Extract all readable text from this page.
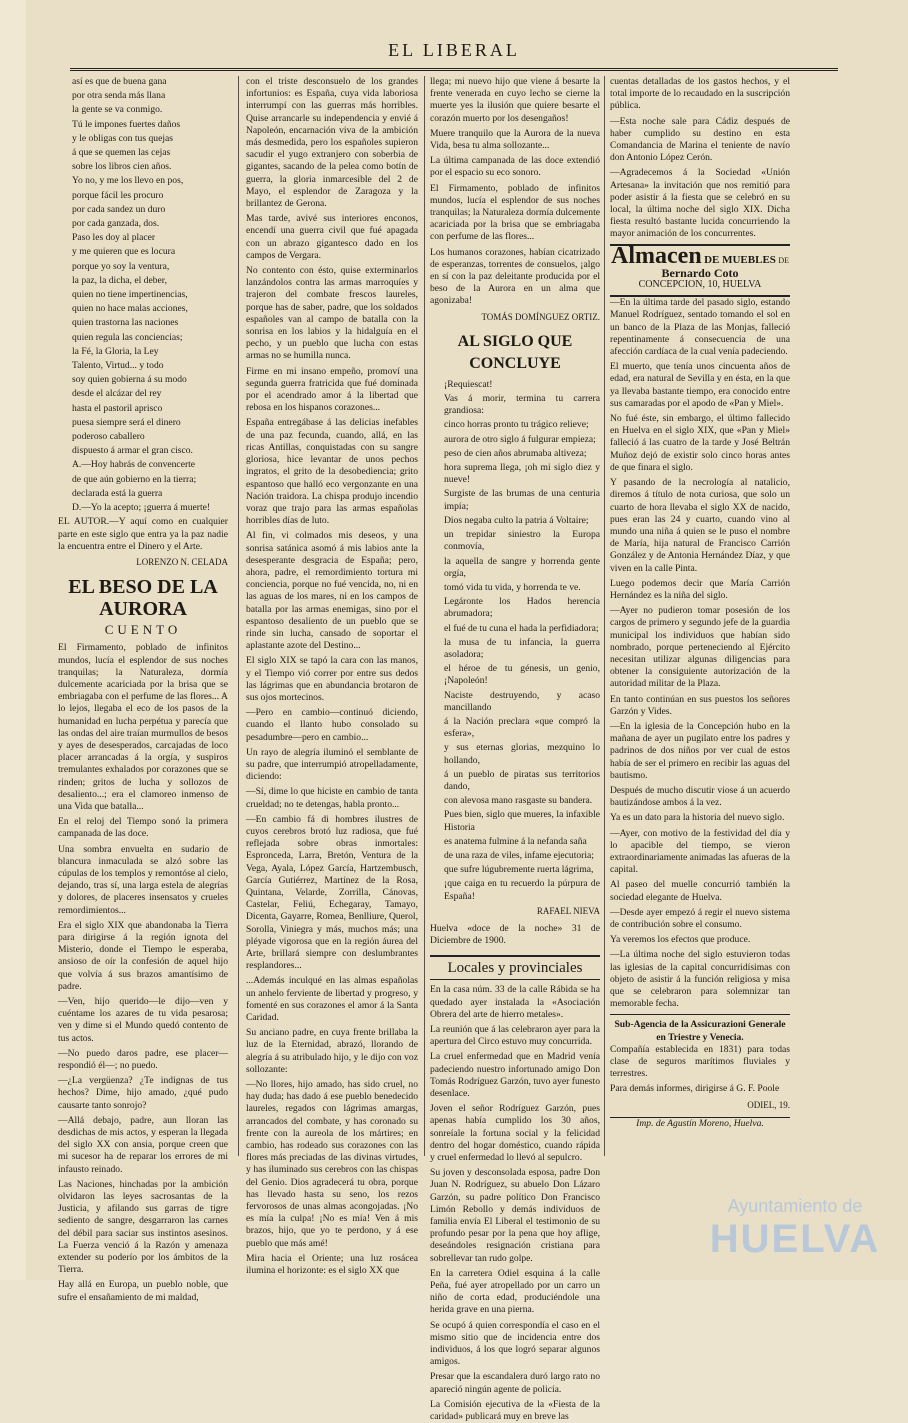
EL LIBERAL

así es que de buena gana

por otra senda más llana

la gente se va conmigo.

Tú le impones fuertes daños

y le obligas con tus quejas

á que se quemen las cejas

sobre los libros cien años.

Yo no, y me los llevo en pos,

porque fácil les procuro

por cada sandez un duro

por cada ganzada, dos.

Paso les doy al placer

y me quieren que es locura

porque yo soy la ventura,

la paz, la dicha, el deber,

quien no tiene impertinencias,

quien no hace malas acciones,

quien trastorna las naciones

quien regula las conciencias;

la Fé, la Gloria, la Ley

Talento, Virtud... y todo

soy quien gobierna á su modo

desde el alcázar del rey

hasta el pastoril aprisco

puesa siempre será el dinero

poderoso caballero

dispuesto á armar el gran cisco.

A.—Hoy habrás de convencerte

de que aún gobierno en la tierra;

declarada está la guerra

D.—Yo la acepto; ¡guerra á muerte!

EL AUTOR.—Y aquí como en cualquier parte en este siglo que entra ya la paz nadie la encuentra entre el Dinero y el Arte.

LORENZO N. CELADA
EL BESO DE LA AURORA
CUENTO

El Firmamento, poblado de infinitos mundos, lucía el esplendor de sus noches tranquilas; la Naturaleza, dormía dulcemente acariciada por la brisa que se embriagaba con el perfume de las flores... A lo lejos, llegaba el eco de los pasos de la humanidad en lucha perpétua y parecía que las ondas del aire traían murmullos de besos y ayes de desesperados, carcajadas de loco placer arrancadas á la orgía, y suspiros tremulantes exhalados por corazones que se rinden; gritos de lucha y sollozos de desaliento...; era el clamoreo inmenso de una Vida que batalla...

En el reloj del Tiempo sonó la primera campanada de las doce.

Una sombra envuelta en sudario de blancura inmaculada se alzó sobre las cúpulas de los templos y remontóse al cielo, dejando, tras sí, una larga estela de alegrías y dolores, de placeres insensatos y crueles remordimientos...

Era el siglo XIX que abandonaba la Tierra para dirigirse á la región ignota del Misterio, donde el Tiempo le esperaba, ansioso de oír la confesión de aquel hijo que volvía á sus brazos amantísimo de padre.

—Ven, hijo querido—le dijo—ven y cuéntame los azares de tu vida pesarosa; ven y dime si el Mundo quedó contento de tus actos.

—No puedo daros padre, ese placer—respondió él—; no puedo.

—¿La vergüenza? ¿Te indignas de tus hechos? Dime, hijo amado, ¿qué pudo causarte tanto sonrojo?

—Allá debajo, padre, aun lloran las desdichas de mis actos, y esperan la llegada del siglo XX con ansia, porque creen que mi sucesor ha de reparar los errores de mi infausto reinado.

Las Naciones, hinchadas por la ambición olvidaron las leyes sacrosantas de la Justicia, y afilando sus garras de tigre sediento de sangre, desgarraron las carnes del débil para saciar sus instintos asesinos. La Fuerza venció á la Razón y amenaza extender su poderío por los ámbitos de la Tierra.

Hay allá en Europa, un pueblo noble, que sufre el ensañamiento de mi maldad,

con el triste desconsuelo de los grandes infortunios: es España, cuya vida laboriosa interrumpí con las guerras más horribles. Quise arrancarle su independencia y envié á Napoleón, encarnación viva de la ambición más desmedida, pero los españoles supieron sacudir el yugo extranjero con soberbia de gigantes, sacando de la pelea como botín de guerra, la gloria inmarcesible del 2 de Mayo, el esplendor de Zaragoza y la brillantez de Gerona.

Mas tarde, avivé sus interiores enconos, encendí una guerra civil que fué apagada con un abrazo gigantesco dado en los campos de Vergara.

No contento con ésto, quise exterminarlos lanzándolos contra las armas marroquíes y trajeron del combate frescos laureles, porque has de saber, padre, que los soldados españoles van al campo de batalla con la sonrisa en los labios y la hidalguía en el pecho, y un pueblo que lucha con estas armas no se humilla nunca.

Firme en mi insano empeño, promoví una segunda guerra fratricida que fué dominada por el acendrado amor á la libertad que rebosa en los hispanos corazones...

España entregábase á las delicias inefables de una paz fecunda, cuando, allá, en las ricas Antillas, conquistadas con su sangre gloriosa, hice levantar de unos pechos ingratos, el grito de la desobediencia; grito espantoso que halló eco vergonzante en una Nación traidora. La chispa produjo incendio voraz que trajo para las armas españolas horribles días de luto.

Al fin, vi colmados mis deseos, y una sonrisa satánica asomó á mis labios ante la desesperante desgracia de España; pero, ahora, padre, el remordimiento tortura mi conciencia, porque no fué vencida, no, ni en las aguas de los mares, ni en los campos de batalla por las armas enemigas, sino por el espantoso desaliento de un pueblo que se rinde sin lucha, cansado de soportar el aplastante azote del Destino...

El siglo XIX se tapó la cara con las manos, y el Tiempo vió correr por entre sus dedos las lágrimas que en abundancia brotaron de sus ojos mortecinos.

—Pero en cambio—continuó diciendo, cuando el llanto hubo consolado su pesadumbre—pero en cambio...

Un rayo de alegría iluminó el semblante de su padre, que interrumpió atropelladamente, diciendo:

—Sí, dime lo que hiciste en cambio de tanta crueldad; no te detengas, habla pronto...

—En cambio fá di hombres ilustres de cuyos cerebros brotó luz radiosa, que fué reflejada sobre obras inmortales: Espronceda, Larra, Bretón, Ventura de la Vega, Ayala, López García, Hartzembusch, García Gutiérrez, Martínez de la Rosa, Quintana, Velarde, Zorrilla, Cánovas, Castelar, Feliú, Echegaray, Tamayo, Dicenta, Gayarre, Romea, Benlliure, Querol, Sorolla, Viniegra y más, muchos más; una pléyade vigorosa que en la región áurea del Arte, brillará siempre con deslumbrantes resplandores...

...Además inculqué en las almas españolas un anhelo ferviente de libertad y progreso, y fomenté en sus corazones el amor á la Santa Caridad.

Su anciano padre, en cuya frente brillaba la luz de la Eternidad, abrazó, llorando de alegría á su atribulado hijo, y le dijo con voz sollozante:

—No llores, hijo amado, has sido cruel, no hay duda; has dado á ese pueblo benedecido laureles, regados con lágrimas amargas, arrancados del combate, y has coronado su frente con la aureola de los mártires; en cambio, has rodeado sus corazones con las flores más preciadas de las divinas virtudes, y has iluminado sus cerebros con las chispas del Genio. Dios agradecerá tu obra, porque has llevado hasta su seno, los rezos fervorosos de unas almas acongojadas. ¡No es mía la culpa! ¡No es mía! Ven á mis brazos, hijo, que yo te perdono, y á ese pueblo que más amé!

Mira hacia el Oriente; una luz rosácea ilumina el horizonte: es el siglo XX que

llega; mi nuevo hijo que viene á besarte la frente venerada en cuyo lecho se cierne la muerte yes la ilusión que quiere besarte el corazón muerto por los desengaños!

Muere tranquilo que la Aurora de la nueva Vida, besa tu alma sollozante...

La última campanada de las doce extendió por el espacio su eco sonoro.

El Firmamento, poblado de infinitos mundos, lucía el esplendor de sus noches tranquilas; la Naturaleza dormía dulcemente acariciada por la brisa que se embriagaba con perfume de las flores...

Los humanos corazones, habían cicatrizado de esperanzas, torrentes de consuelos, ¡algo en sí con la paz deleitante producida por el beso de la Aurora en un alma que agonizaba!

TOMÁS DOMÍNGUEZ ORTIZ.
AL SIGLO QUE CONCLUYE

¡Requiescat!

Vas á morir, termina tu carrera grandiosa:

cinco horras pronto tu trágico relieve;

aurora de otro siglo á fulgurar empieza;

peso de cien años abrumaba altiveza;

hora suprema llega, ¡oh mi siglo diez y nueve!

Surgiste de las brumas de una centuria impía;

Dios negaba culto la patria á Voltaire;

un trepidar siniestro la Europa conmovía,

la aquella de sangre y horrenda gente orgía,

tomó vida tu vida, y horrenda te ve.

Legáronte los Hados herencia abrumadora;

el fué de tu cuna el hada la perfidiadora;

la musa de tu infancia, la guerra asoladora;

el héroe de tu génesis, un genio, ¡Napoleón!

Naciste destruyendo, y acaso mancillando

á la Nación preclara «que compró la esfera»,

y sus eternas glorias, mezquino lo hollando,

á un pueblo de piratas sus territorios dando,

con alevosa mano rasgaste su bandera.

Pues bien, siglo que mueres, la infaxible Historia

es anatema fulmine á la nefanda saña

de una raza de viles, infame ejecutoria;

que sufre lúgubremente ruerta lágrima,

¡que caiga en tu recuerdo la púrpura de España!

RAFAEL NIEVA

Huelva «doce de la noche» 31 de Diciembre de 1900.

Locales y provinciales

En la casa núm. 33 de la calle Rábida se ha quedado ayer instalada la «Asociación Obrera del arte de hierro metales».

La reunión que á las celebraron ayer para la apertura del Circo estuvo muy concurrida.

La cruel enfermedad que en Madrid venía padeciendo nuestro infortunado amigo Don Tomás Rodríguez Garzón, tuvo ayer funesto desenlace.

Joven el señor Rodríguez Garzón, pues apenas había cumplido los 30 años, sonreíale la fortuna social y la felicidad dentro del hogar doméstico, cuando rápida y cruel enfermedad lo llevó al sepulcro.

Su joven y desconsolada esposa, padre Don Juan N. Rodríguez, su abuelo Don Lázaro Garzón, su padre político Don Francisco Limón Rebollo y demás individuos de familia envía El Liberal el testimonio de su profundo pesar por la pena que hoy aflige, deseándoles resignación cristiana para sobrellevar tan rudo golpe.

En la carretera Odiel esquina á la calle Peña, fué ayer atropellado por un carro un niño de corta edad, produciéndole una herida grave en una pierna.

Se ocupó á quien correspondía el caso en el mismo sitio que de incidencia entre dos individuos, á los que logró separar algunos amigos.

Presar que la escandalera duró largo rato no apareció ningún agente de policía.

La Comisión ejecutiva de la «Fiesta de la caridad» publicará muy en breve las

cuentas detalladas de los gastos hechos, y el total importe de lo recaudado en la suscripción pública.

—Esta noche sale para Cádiz después de haber cumplido su destino en esta Comandancia de Marina el teniente de navío don Antonio López Cerón.

—Agradecemos á la Sociedad «Unión Artesana» la invitación que nos remitió para poder asistir á la fiesta que se celebró en su local, la última noche del siglo XIX. Dicha fiesta resultó bastante lucida concurriendo la mayor animación de los concurrentes.

Almacen DE MUEBLES DE
Bernardo Coto
CONCEPCION, 10, HUELVA

—En la última tarde del pasado siglo, estando Manuel Rodríguez, sentado tomando el sol en un banco de la Plaza de las Monjas, falleció repentinamente á consecuencia de una afección cardíaca de la cual venía padeciendo.

El muerto, que tenía unos cincuenta años de edad, era natural de Sevilla y en ésta, en la que ya llevaba bastante tiempo, era conocido entre sus camaradas por el apodo de «Pan y Miel».

No fué éste, sin embargo, el último fallecido en Huelva en el siglo XIX, que «Pan y Miel» falleció á las cuatro de la tarde y José Beltrán Muñoz dejó de existir solo cinco horas antes de que finara el siglo.

Y pasando de la necrología al natalicio, diremos á título de nota curiosa, que solo un cuarto de hora llevaba el siglo XX de nacido, pues eran las 24 y cuarto, cuando vino al mundo una niña á quien se le puso el nombre de María, hija natural de Francisco Carrión González y de Antonia Hernández Díaz, y que viven en la calle Pinta.

Luego podemos decir que María Carrión Hernández es la niña del siglo.

—Ayer no pudieron tomar posesión de los cargos de primero y segundo jefe de la guardia municipal los individuos que habían sido nombrado, porque perteneciendo al Ejército necesitan utilizar algunas diligencias para obtener la consiguiente autorización de la autoridad militar de la Plaza.

En tanto continúan en sus puestos los señores Garzón y Vides.

—En la iglesia de la Concepción hubo en la mañana de ayer un pugilato entre los padres y padrinos de dos niños por ver cual de estos había de ser el primero en recibir las aguas del bautismo.

Después de mucho discutir viose á un acuerdo bautizándose ambos á la vez.

Ya es un dato para la historia del nuevo siglo.

—Ayer, con motivo de la festividad del día y lo apacible del tiempo, se vieron extraordinariamente animadas las afueras de la capital.

Al paseo del muelle concurrió también la sociedad elegante de Huelva.

—Desde ayer empezó á regir el nuevo sistema de contribución sobre el consumo.

Ya veremos los efectos que produce.

—La última noche del siglo estuvieron todas las iglesias de la capital concurridísimas con objeto de asistir á la función religiosa y misa que se celebraron para solemnizar tan memorable fecha.

Sub-Agencia de la Assicurazioni Generale en Triestre y Venecia.

Compañía establecida en 1831) para todas clase de seguros marítimos fluviales y terrestres.

Para demás informes, dirigirse á G. F. Poole

ODIEL, 19.
Imp. de Agustín Moreno, Huelva.
Ayuntamiento de
HUELVA
